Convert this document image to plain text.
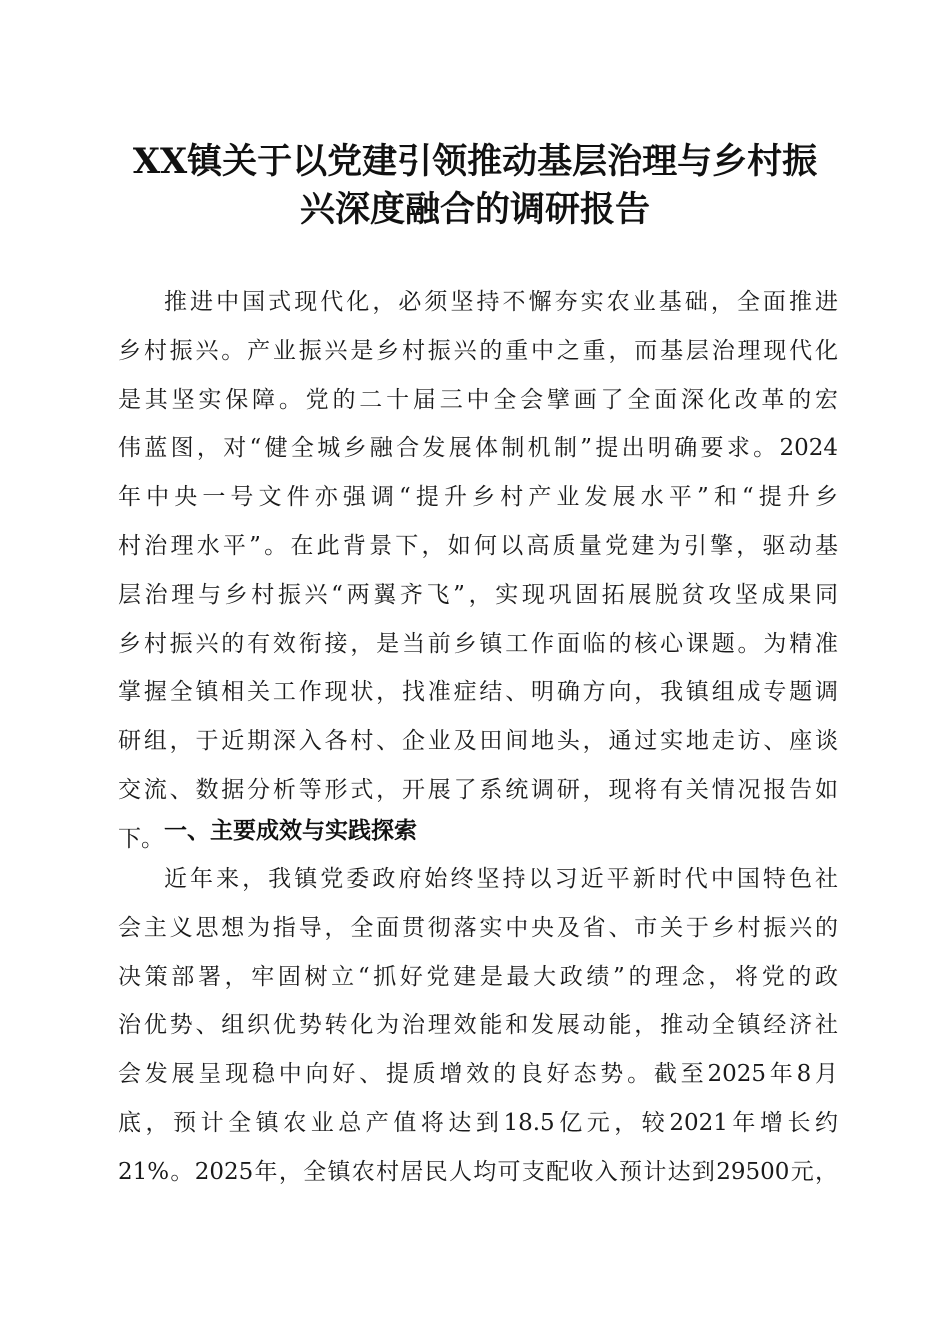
XX镇关于以党建引领推动基层治理与乡村振
兴深度融合的调研报告
推进中国式现代化，必须坚持不懈夯实农业基础，全面推进
乡村振兴。产业振兴是乡村振兴的重中之重，而基层治理现代化
是其坚实保障。党的二十届三中全会擘画了全面深化改革的宏
伟蓝图，对“健全城乡融合发展体制机制”提出明确要求。2024
年中央一号文件亦强调“提升乡村产业发展水平”和“提升乡
村治理水平”。在此背景下，如何以高质量党建为引擎，驱动基
层治理与乡村振兴“两翼齐飞”，实现巩固拓展脱贫攻坚成果同
乡村振兴的有效衔接，是当前乡镇工作面临的核心课题。为精准
掌握全镇相关工作现状，找准症结、明确方向，我镇组成专题调
研组，于近期深入各村、企业及田间地头，通过实地走访、座谈
交流、数据分析等形式，开展了系统调研，现将有关情况报告如
下。 一、主要成效与实践探索
近年来，我镇党委政府始终坚持以习近平新时代中国特色社
会主义思想为指导，全面贯彻落实中央及省、市关于乡村振兴的
决策部署，牢固树立“抓好党建是最大政绩”的理念，将党的政
治优势、组织优势转化为治理效能和发展动能，推动全镇经济社
会发展呈现稳中向好、提质增效的良好态势。截至2025年8月
底，预计全镇农业总产值将达到18.5亿元，较2021年增长约
21%。2025年，全镇农村居民人均可支配收入预计达到29500元，
